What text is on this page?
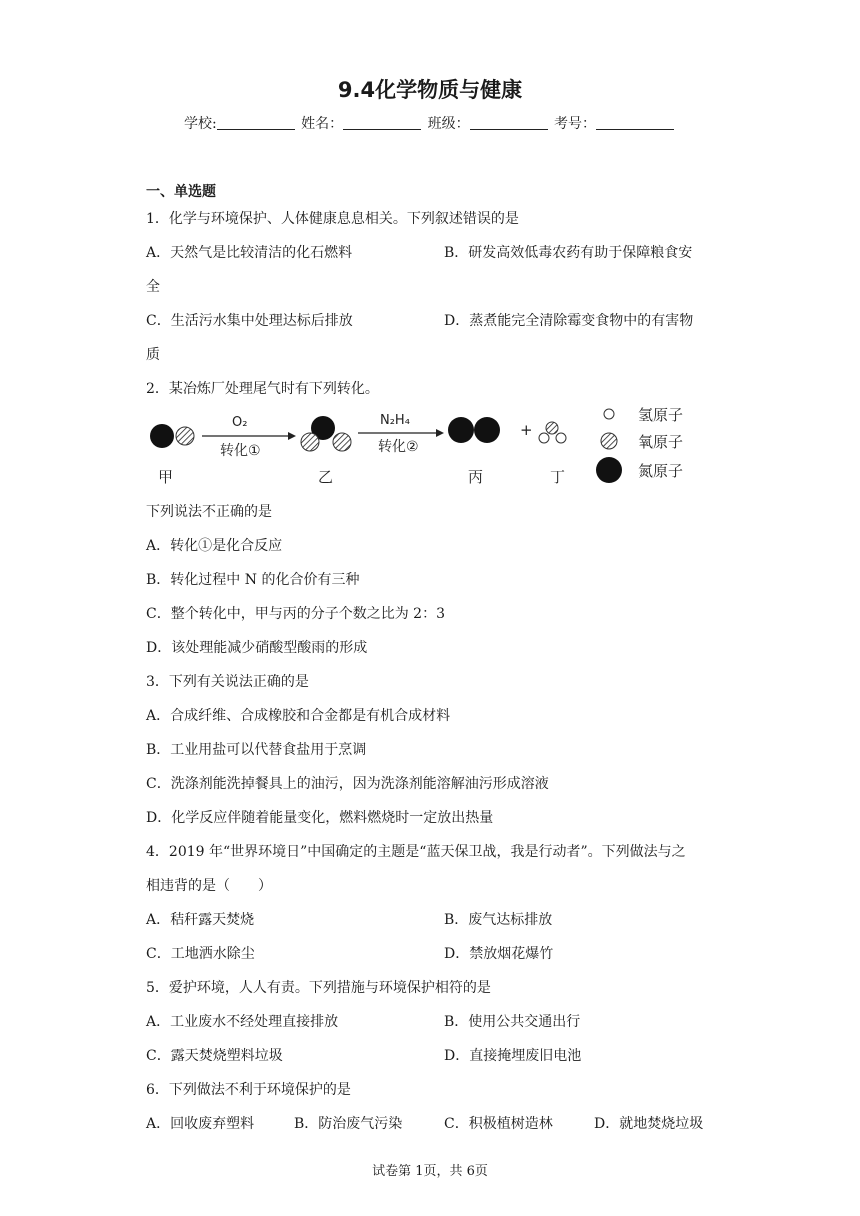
9.4化学物质与健康
学校:	姓名：	班级：	考号：
一、单选题
1．化学与环境保护、人体健康息息相关。下列叙述错误的是
A．天然气是比较清洁的化石燃料	B．研发高效低毒农药有助于保障粮食安
全
C．生活污水集中处理达标后排放	D．蒸煮能完全清除霉变食物中的有害物
质
2．某冶炼厂处理尾气时有下列转化。
O₂
转化①
N₂H₄
转化②
+
甲	乙	丙	丁
氢原子
氧原子
氮原子
下列说法不正确的是
A．转化①是化合反应
B．转化过程中 N 的化合价有三种
C．整个转化中，甲与丙的分子个数之比为 2：3
D．该处理能减少硝酸型酸雨的形成
3．下列有关说法正确的是
A．合成纤维、合成橡胶和合金都是有机合成材料
B．工业用盐可以代替食盐用于烹调
C．洗涤剂能洗掉餐具上的油污，因为洗涤剂能溶解油污形成溶液
D．化学反应伴随着能量变化，燃料燃烧时一定放出热量
4．2019 年“世界环境日”中国确定的主题是“蓝天保卫战，我是行动者”。下列做法与之
相违背的是（　　）
A．秸秆露天焚烧	B．废气达标排放
C．工地洒水除尘	D．禁放烟花爆竹
5．爱护环境，人人有责。下列措施与环境保护相符的是
A．工业废水不经处理直接排放	B．使用公共交通出行
C．露天焚烧塑料垃圾	D．直接掩埋废旧电池
6．下列做法不利于环境保护的是
A．回收废弃塑料	B．防治废气污染	C．积极植树造林	D．就地焚烧垃圾
试卷第 1页，共 6页
